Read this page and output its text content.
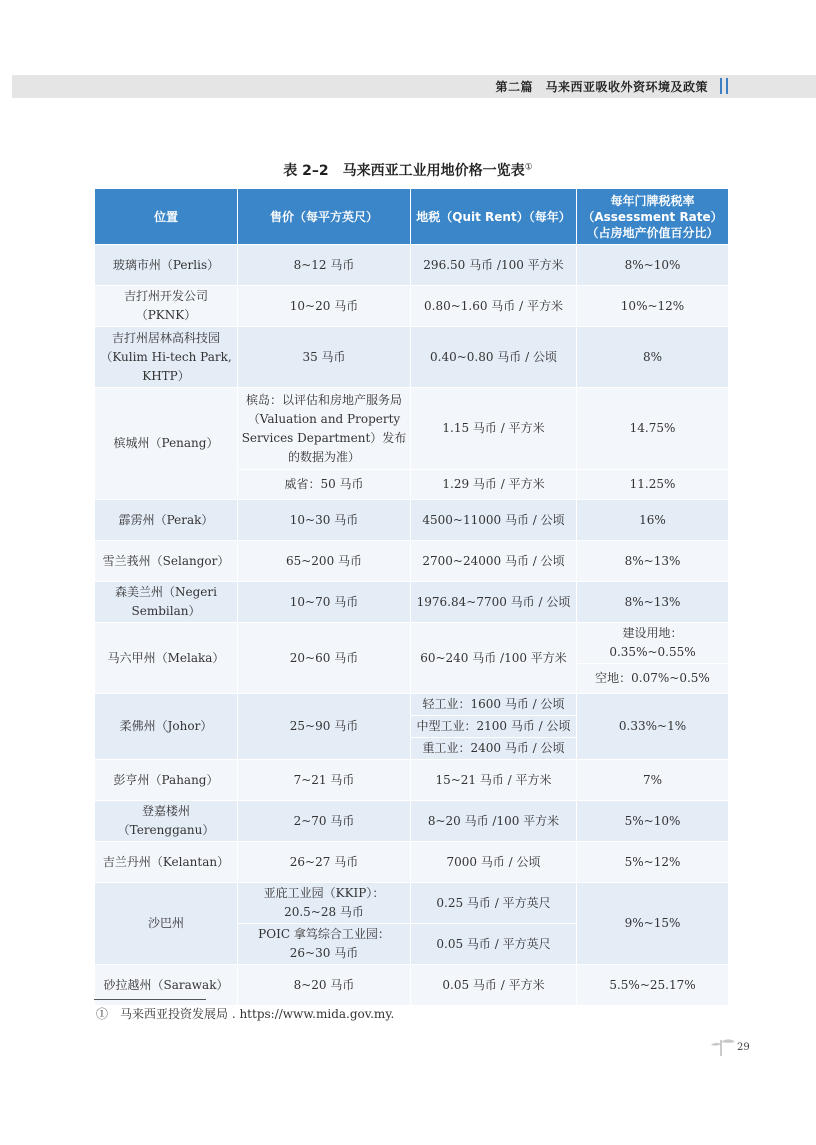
第二篇　马来西亚吸收外资环境及政策
表 2–2　马来西亚工业用地价格一览表①
位置	售价（每平方英尺）	地税（Quit Rent）（每年）	每年门牌税税率（Assessment Rate）（占房地产价值百分比）
玻璃市州（Perlis）	8~12 马币	296.50 马币 /100 平方米	8%~10%
吉打州开发公司（PKNK）	10~20 马币	0.80~1.60 马币 / 平方米	10%~12%
吉打州居林高科技园（Kulim Hi-tech Park, KHTP）	35 马币	0.40~0.80 马币 / 公顷	8%
槟城州（Penang）	槟岛：以评估和房地产服务局（Valuation and Property Services Department）发布的数据为准）	1.15 马币 / 平方米	14.75%
	威省：50 马币	1.29 马币 / 平方米	11.25%
霹雳州（Perak）	10~30 马币	4500~11000 马币 / 公顷	16%
雪兰莪州（Selangor）	65~200 马币	2700~24000 马币 / 公顷	8%~13%
森美兰州（Negeri Sembilan）	10~70 马币	1976.84~7700 马币 / 公顷	8%~13%
马六甲州（Melaka）	20~60 马币	60~240 马币 /100 平方米	建设用地：0.35%~0.55%
			空地：0.07%~0.5%
柔佛州（Johor）	25~90 马币	轻工业：1600 马币 / 公顷	0.33%~1%
		中型工业：2100 马币 / 公顷	
		重工业：2400 马币 / 公顷	
彭亨州（Pahang）	7~21 马币	15~21 马币 / 平方米	7%
登嘉楼州（Terengganu）	2~70 马币	8~20 马币 /100 平方米	5%~10%
吉兰丹州（Kelantan）	26~27 马币	7000 马币 / 公顷	5%~12%
沙巴州	亚庇工业园（KKIP）：20.5~28 马币	0.25 马币 / 平方英尺	9%~15%
	POIC 拿笃综合工业园：26~30 马币	0.05 马币 / 平方英尺	
砂拉越州（Sarawak）	8~20 马币	0.05 马币 / 平方米	5.5%~25.17%
①　马来西亚投资发展局 . https://www.mida.gov.my.
29
